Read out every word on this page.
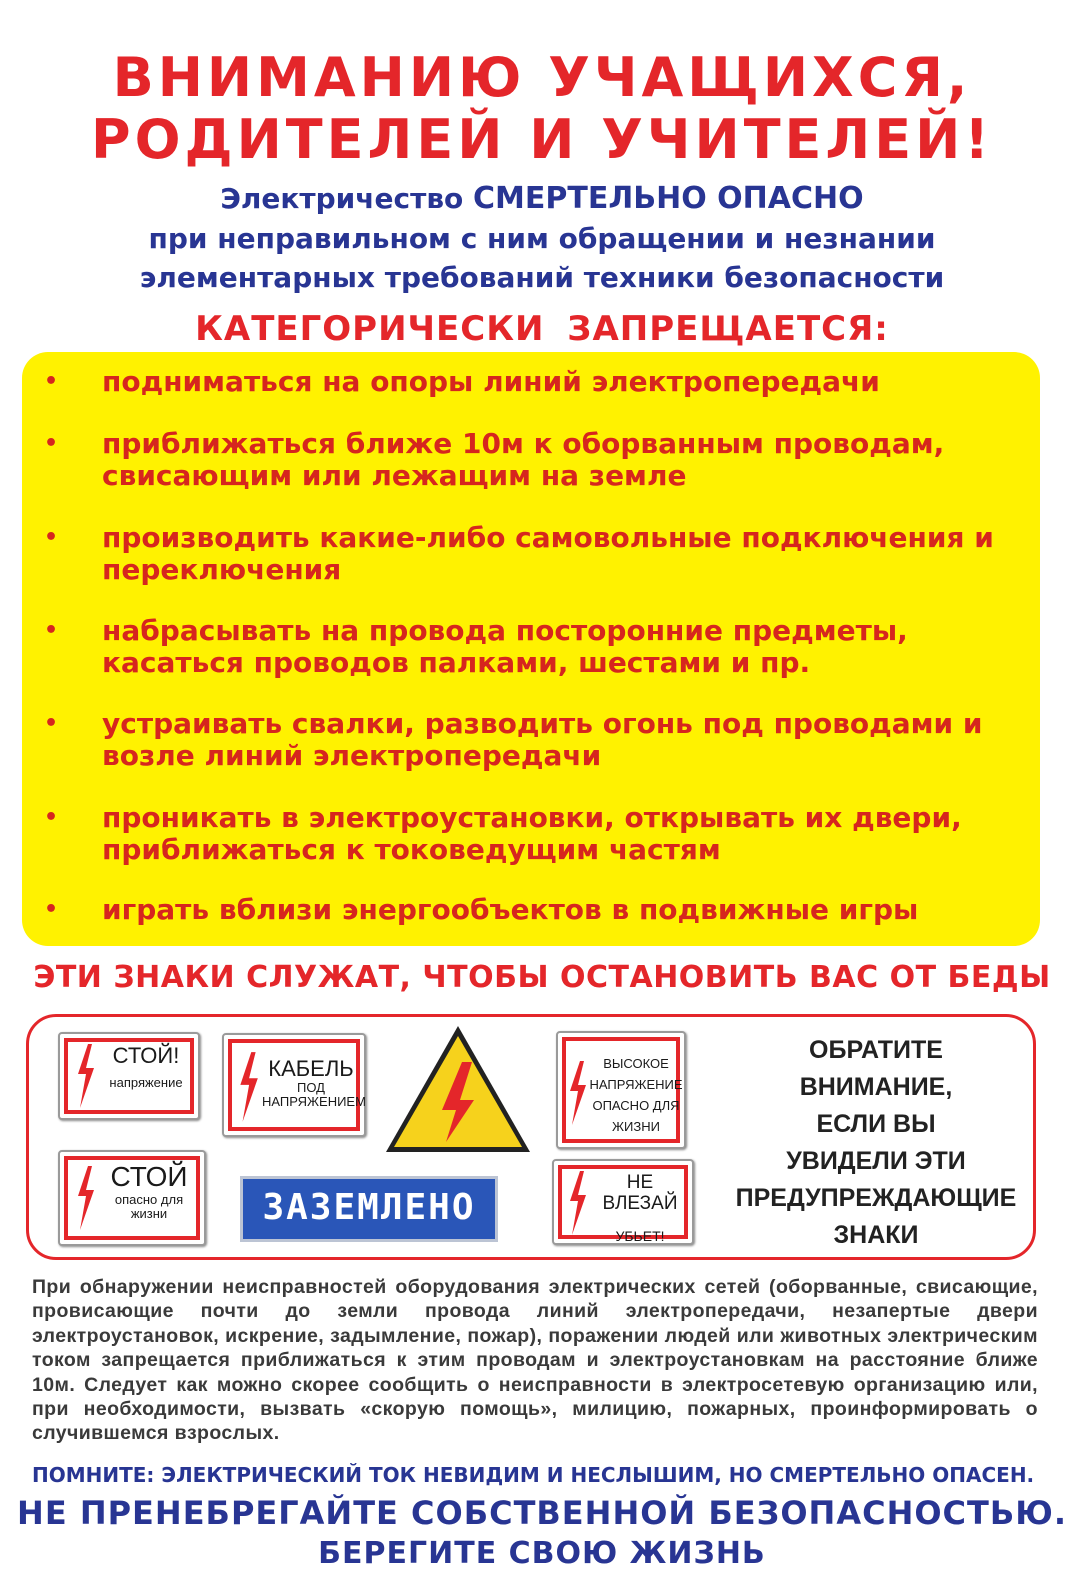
ВНИМАНИЮ УЧАЩИХСЯ,
РОДИТЕЛЕЙ И УЧИТЕЛЕЙ!
Электричество СМЕРТЕЛЬНО ОПАСНО
при неправильном с ним обращении и незнании
элементарных требований техники безопасности
КАТЕГОРИЧЕСКИ ЗАПРЕЩАЕТСЯ:
•	подниматься на опоры линий электропередачи
•	приближаться ближе 10м к оборванным проводам, свисающим или лежащим на земле
•	производить какие-либо самовольные подключения и переключения
•	набрасывать на провода посторонние предметы, касаться проводов палками, шестами и пр.
•	устраивать свалки, разводить огонь под проводами и возле линий электропередачи
•	проникать в электроустановки, открывать их двери, приближаться к токоведущим частям
•	играть вблизи энергообъектов в подвижные игры
ЭТИ ЗНАКИ СЛУЖАТ, ЧТОБЫ ОСТАНОВИТЬ ВАС ОТ БЕДЫ
СТОЙ!
напряжение
КАБЕЛЬ
ПОД
НАПРЯЖЕНИЕМ
ВЫСОКОЕ
НАПРЯЖЕНИЕ
ОПАСНО ДЛЯ
ЖИЗНИ
СТОЙ
опасно для
жизни	ЗАЗЕМЛЕНО
НЕ ВЛЕЗАЙ
УБЬЕТ!
ОБРАТИТЕ
ВНИМАНИЕ,
ЕСЛИ ВЫ
УВИДЕЛИ ЭТИ
ПРЕДУПРЕЖДАЮЩИЕ
ЗНАКИ
При обнаружении неисправностей оборудования электрических сетей (оборванные, свисающие, провисающие почти до земли провода линий электропередачи, незапертые двери электроустановок, искрение, задымление, пожар), поражении людей или животных электрическим током запрещается приближаться к этим проводам и электроустановкам на расстояние ближе 10м. Следует как можно скорее сообщить о неисправности в электросетевую организацию или, при необходимости, вызвать «скорую помощь», милицию, пожарных, проинформировать о случившемся взрослых.
ПОМНИТЕ: ЭЛЕКТРИЧЕСКИЙ ТОК НЕВИДИМ И НЕСЛЫШИМ, НО СМЕРТЕЛЬНО ОПАСЕН.
НЕ ПРЕНЕБРЕГАЙТЕ СОБСТВЕННОЙ БЕЗОПАСНОСТЬЮ.
БЕРЕГИТЕ СВОЮ ЖИЗНЬ
